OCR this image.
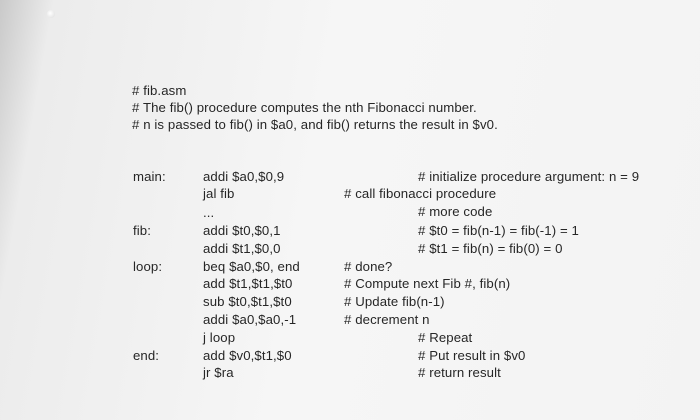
# fib.asm
# The fib() procedure computes the nth Fibonacci number.
# n is passed to fib() in $a0, and fib() returns the result in $v0.
main:
fib:
loop:
end:
addi $a0,$0,9
jal fib
...
addi $t0,$0,1
addi $t1,$0,0
beq $a0,$0, end
add $t1,$t1,$t0
sub $t0,$t1,$t0
addi $a0,$a0,-1
j loop
add $v0,$t1,$0
jr $ra
# initialize procedure argument: n = 9
# call fibonacci procedure
# more code
# $t0 = fib(n-1) = fib(-1) = 1
# $t1 = fib(n) = fib(0) = 0
# done?
# Compute next Fib #, fib(n)
# Update fib(n-1)
# decrement n
# Repeat
# Put result in $v0
# return result
